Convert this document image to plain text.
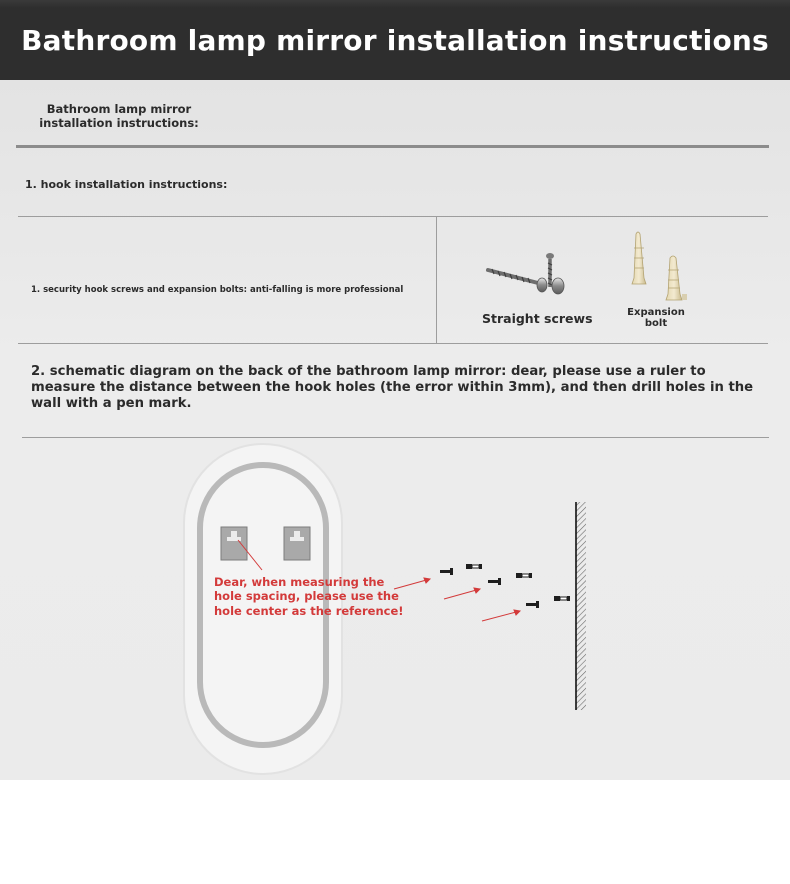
Bathroom lamp mirror installation instructions
Bathroom lamp mirror installation instructions:
1. hook installation instructions:
1. security hook screws and expansion bolts: anti-falling is more professional
Straight screws	Expansion bolt
2. schematic diagram on the back of the bathroom lamp mirror: dear, please use a ruler to measure the distance between the hook holes (the error within 3mm), and then drill holes in the wall with a pen mark.
Dear, when measuring the hole spacing, please use the hole center as the reference!
